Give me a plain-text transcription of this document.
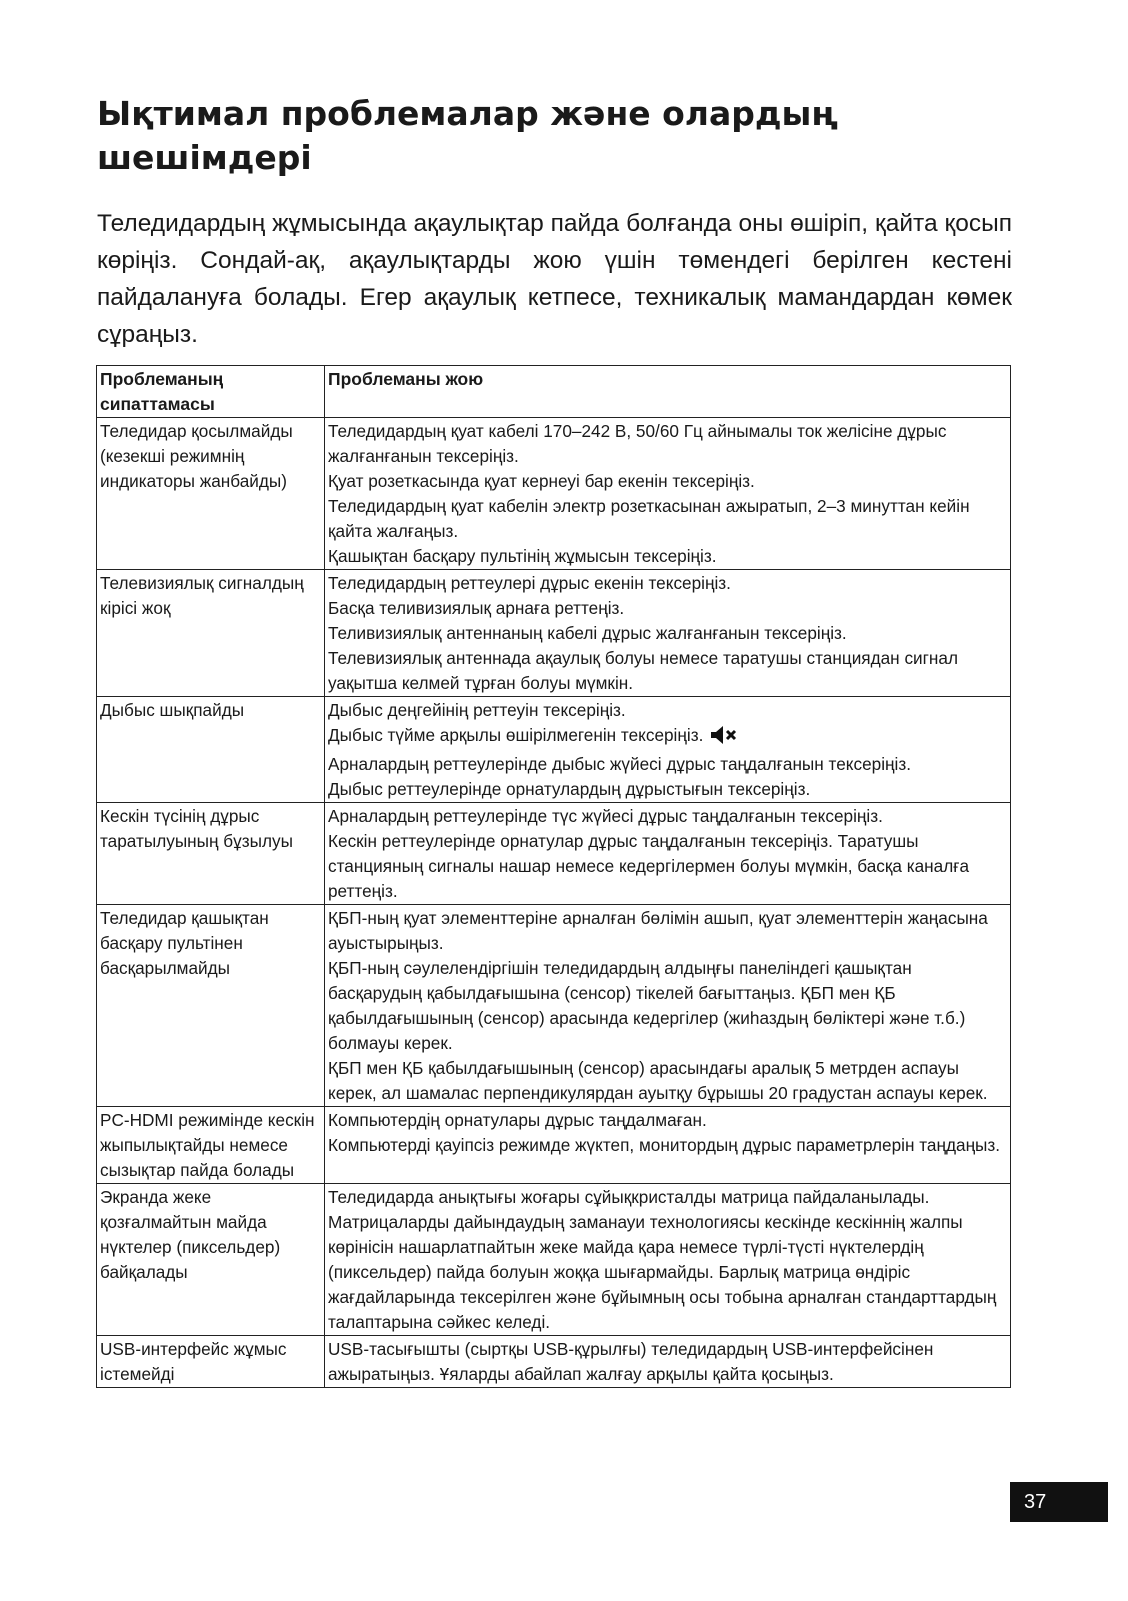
Ықтимал проблемалар және олардың шешімдері

Теледидардың жұмысында ақаулықтар пайда болғанда оны өшіріп, қайта қосып көріңіз. Сондай-ақ, ақаулықтарды жою үшін төмендегі берілген кестені пайдалануға болады. Егер ақаулық кетпесе, техникалық мамандардан көмек сұраңыз.

Проблеманың сипаттамасы	Проблеманы жою
Теледидар қосылмайды (кезекші режимнің индикаторы жанбайды)	Теледидардың қуат кабелі 170–242 В, 50/60 Гц айнымалы ток желісіне дұрыс жалғанғанын тексеріңіз.
Қуат розеткасында қуат кернеуі бар екенін тексеріңіз.
Теледидардың қуат кабелін электр розеткасынан ажыратып, 2–3 минуттан кейін қайта жалғаңыз.
Қашықтан басқару пультінің жұмысын тексеріңіз.

Телевизиялық сигналдың кірісі жоқ	Теледидардың реттеулері дұрыс екенін тексеріңіз.
Басқа теливизиялық арнаға реттеңіз.
Теливизиялық антеннаның кабелі дұрыс жалғанғанын тексеріңіз.
Телевизиялық антеннада ақаулық болуы немесе таратушы станциядан сигнал уақытша келмей тұрған болуы мүмкін.

Дыбыс шықпайды	Дыбыс деңгейінің реттеуін тексеріңіз.
Дыбыс түйме арқылы өшірілмегенін тексеріңіз.
Арналардың реттеулерінде дыбыс жүйесі дұрыс таңдалғанын тексеріңіз.
Дыбыс реттеулерінде орнатулардың дұрыстығын тексеріңіз.

Кескін түсінің дұрыс таратылуының бұзылуы	Арналардың реттеулерінде түс жүйесі дұрыс таңдалғанын тексеріңіз.
Кескін реттеулерінде орнатулар дұрыс таңдалғанын тексеріңіз. Таратушы станцияның сигналы нашар немесе кедергілермен болуы мүмкін, басқа каналға реттеңіз.

Теледидар қашықтан басқару пультінен басқарылмайды	ҚБП-ның қуат элементтеріне арналған бөлімін ашып, қуат элементтерін жаңасына ауыстырыңыз.
ҚБП-ның сәулелендіргішін теледидардың алдыңғы панеліндегі қашықтан басқарудың қабылдағышына (сенсор) тікелей бағыттаңыз. ҚБП мен ҚБ қабылдағышының (сенсор) арасында кедергілер (жиһаздың бөліктері және т.б.) болмауы керек.
ҚБП мен ҚБ қабылдағышының (сенсор) арасындағы аралық 5 метрден аспауы керек, ал шамалас перпендикулярдан ауытқу бұрышы 20 градустан аспауы керек.

PC-HDMI режимінде кескін жыпылықтайды немесе сызықтар пайда болады	Компьютердің орнатулары дұрыс таңдалмаған.
Компьютерді қауіпсіз режимде жүктеп, монитордың дұрыс параметрлерін таңдаңыз.

Экранда жеке қозғалмайтын майда нүктелер (пиксельдер) байқалады	Теледидарда анықтығы жоғары сұйықкристалды матрица пайдаланылады. Матрицаларды дайындаудың заманауи технологиясы кескінде кескіннің жалпы көрінісін нашарлатпайтын жеке майда қара немесе түрлі-түсті нүктелердің (пиксельдер) пайда болуын жоққа шығармайды. Барлық матрица өндіріс жағдайларында тексерілген және бұйымның осы тобына арналған стандарттардың талаптарына сәйкес келеді.

USB-интерфейс жұмыс істемейді	USB-тасығышты (сыртқы USB-құрылғы) теледидардың USB-интерфейсінен ажыратыңыз. Ұяларды абайлап жалғау арқылы қайта қосыңыз.
37
